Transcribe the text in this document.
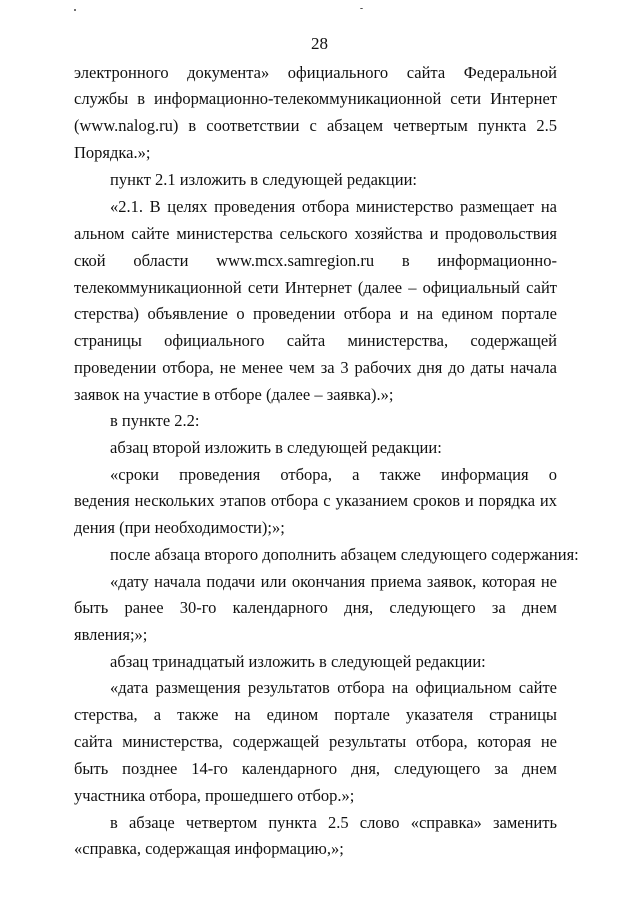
28
электронного документа» официального сайта Федеральной
службы в информационно-телекоммуникационной сети Интернет
(www.nalog.ru) в соответствии с абзацем четвертым пункта 2.5
Порядка.»;
пункт 2.1 изложить в следующей редакции:
«2.1. В целях проведения отбора министерство размещает на
альном сайте министерства сельского хозяйства и продовольствия
ской области www.mcx.samregion.ru в информационно-
телекоммуникационной сети Интернет (далее – официальный сайт
стерства) объявление о проведении отбора и на едином портале
страницы официального сайта министерства, содержащей
проведении отбора, не менее чем за 3 рабочих дня до даты начала
заявок на участие в отборе (далее – заявка).»;
в пункте 2.2:
абзац второй изложить в следующей редакции:
«сроки проведения отбора, а также информация о
ведения нескольких этапов отбора с указанием сроков и порядка их
дения (при необходимости);»;
после абзаца второго дополнить абзацем следующего содержания:
«дату начала подачи или окончания приема заявок, которая не
быть ранее 30-го календарного дня, следующего за днем
явления;»;
абзац тринадцатый изложить в следующей редакции:
«дата размещения результатов отбора на официальном сайте
стерства, а также на едином портале указателя страницы
сайта министерства, содержащей результаты отбора, которая не
быть позднее 14-го календарного дня, следующего за днем
участника отбора, прошедшего отбор.»;
в абзаце четвертом пункта 2.5 слово «справка» заменить
«справка, содержащая информацию,»;
